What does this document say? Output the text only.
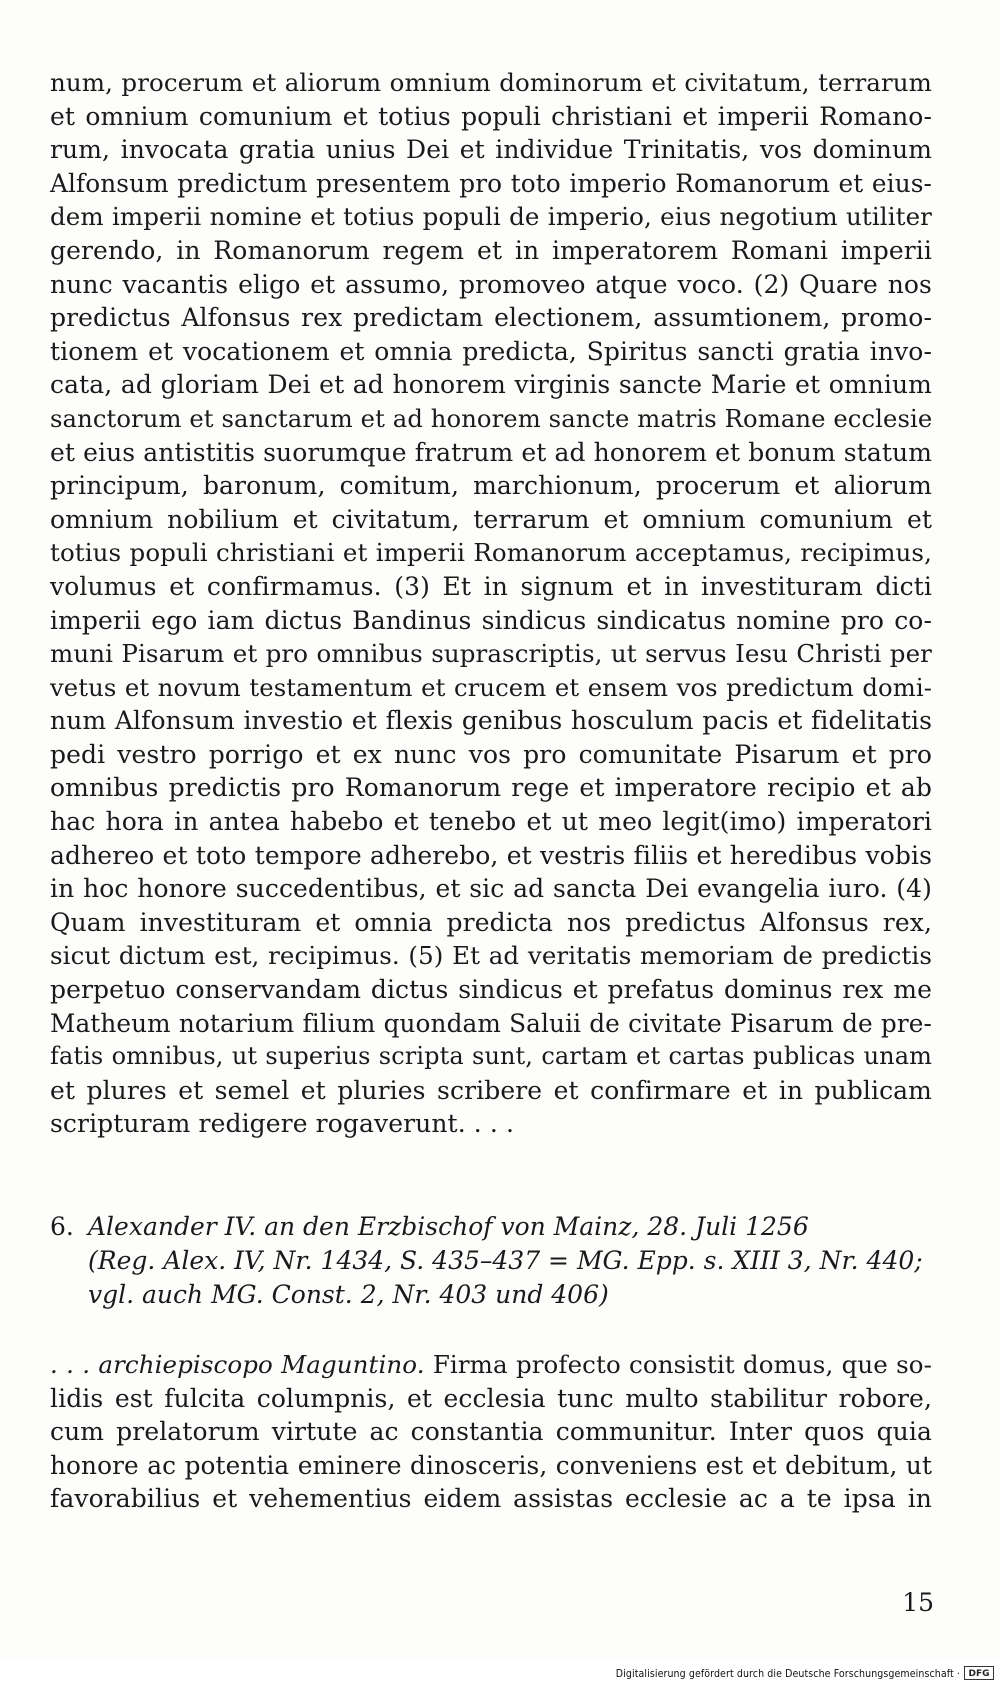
num, procerum et aliorum omnium dominorum et civitatum, terrarum
et omnium comunium et totius populi christiani et imperii Romano-
rum, invocata gratia unius Dei et individue Trinitatis, vos dominum
Alfonsum predictum presentem pro toto imperio Romanorum et eius-
dem imperii nomine et totius populi de imperio, eius negotium utiliter
gerendo, in Romanorum regem et in imperatorem Romani imperii
nunc vacantis eligo et assumo, promoveo atque voco. (2) Quare nos
predictus Alfonsus rex predictam electionem, assumtionem, promo-
tionem et vocationem et omnia predicta, Spiritus sancti gratia invo-
cata, ad gloriam Dei et ad honorem virginis sancte Marie et omnium
sanctorum et sanctarum et ad honorem sancte matris Romane ecclesie
et eius antistitis suorumque fratrum et ad honorem et bonum statum
principum, baronum, comitum, marchionum, procerum et aliorum
omnium nobilium et civitatum, terrarum et omnium comunium et
totius populi christiani et imperii Romanorum acceptamus, recipimus,
volumus et confirmamus. (3) Et in signum et in investituram dicti
imperii ego iam dictus Bandinus sindicus sindicatus nomine pro co-
muni Pisarum et pro omnibus suprascriptis, ut servus Iesu Christi per
vetus et novum testamentum et crucem et ensem vos predictum domi-
num Alfonsum investio et flexis genibus hosculum pacis et fidelitatis
pedi vestro porrigo et ex nunc vos pro comunitate Pisarum et pro
omnibus predictis pro Romanorum rege et imperatore recipio et ab
hac hora in antea habebo et tenebo et ut meo legit(imo) imperatori
adhereo et toto tempore adherebo, et vestris filiis et heredibus vobis
in hoc honore succedentibus, et sic ad sancta Dei evangelia iuro. (4)
Quam investituram et omnia predicta nos predictus Alfonsus rex,
sicut dictum est, recipimus. (5) Et ad veritatis memoriam de predictis
perpetuo conservandam dictus sindicus et prefatus dominus rex me
Matheum notarium filium quondam Saluii de civitate Pisarum de pre-
fatis omnibus, ut superius scripta sunt, cartam et cartas publicas unam
et plures et semel et pluries scribere et confirmare et in publicam
scripturam redigere rogaverunt. . . .
6. Alexander IV. an den Erzbischof von Mainz, 28. Juli 1256
(Reg. Alex. IV, Nr. 1434, S. 435–437 = MG. Epp. s. XIII 3, Nr. 440;
vgl. auch MG. Const. 2, Nr. 403 und 406)
. . . archiepiscopo Maguntino. Firma profecto consistit domus, que so-
lidis est fulcita columpnis, et ecclesia tunc multo stabilitur robore,
cum prelatorum virtute ac constantia communitur. Inter quos quia
honore ac potentia eminere dinosceris, conveniens est et debitum, ut
favorabilius et vehementius eidem assistas ecclesie ac a te ipsa in
15
Digitalisierung gefördert durch die Deutsche Forschungsgemeinschaft · DFG
